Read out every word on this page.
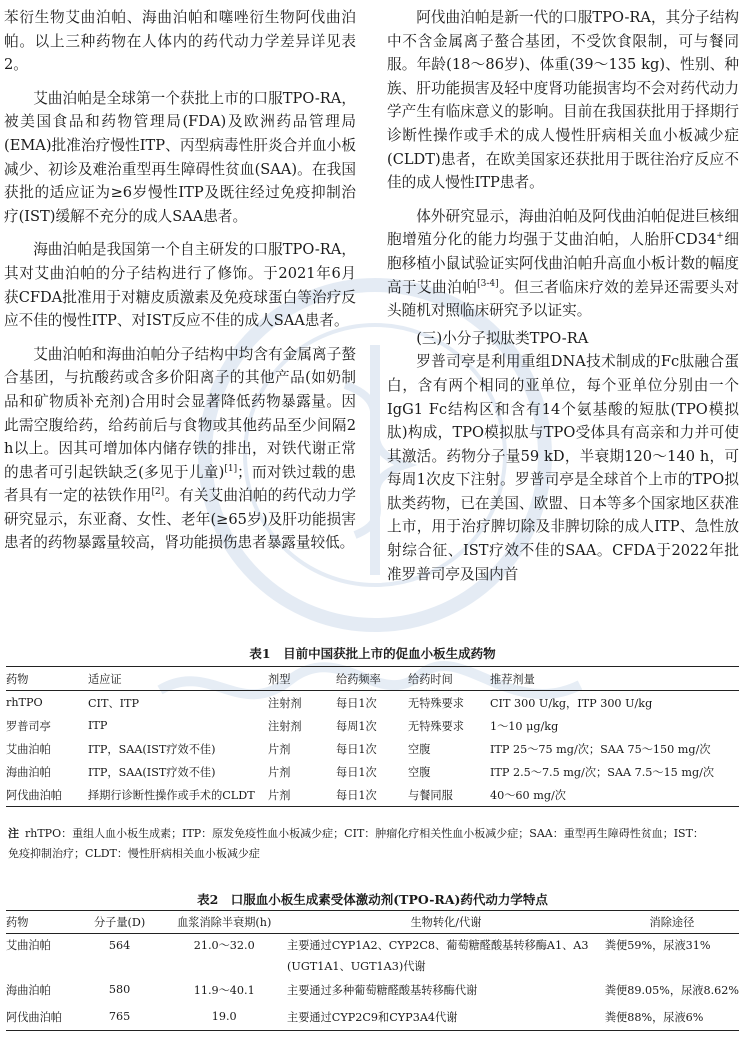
苯衍生物艾曲泊帕、海曲泊帕和噻唑衍生物阿伐曲泊帕。以上三种药物在人体内的药代动力学差异详见表2。

艾曲泊帕是全球第一个获批上市的口服TPO-RA，被美国食品和药物管理局(FDA)及欧洲药品管理局(EMA)批准治疗慢性ITP、丙型病毒性肝炎合并血小板减少、初诊及难治重型再生障碍性贫血(SAA)。在我国获批的适应证为≥6岁慢性ITP及既往经过免疫抑制治疗(IST)缓解不充分的成人SAA患者。

海曲泊帕是我国第一个自主研发的口服TPO-RA，其对艾曲泊帕的分子结构进行了修饰。于2021年6月获CFDA批准用于对糖皮质激素及免疫球蛋白等治疗反应不佳的慢性ITP、对IST反应不佳的成人SAA患者。

艾曲泊帕和海曲泊帕分子结构中均含有金属离子螯合基团，与抗酸药或含多价阳离子的其他产品(如奶制品和矿物质补充剂)合用时会显著降低药物暴露量。因此需空腹给药，给药前后与食物或其他药品至少间隔2 h以上。因其可增加体内储存铁的排出，对铁代谢正常的患者可引起铁缺乏(多见于儿童)[1]；而对铁过载的患者具有一定的祛铁作用[2]。有关艾曲泊帕的药代动力学研究显示，东亚裔、女性、老年(≥65岁)及肝功能损害患者的药物暴露量较高，肾功能损伤患者暴露量较低。

阿伐曲泊帕是新一代的口服TPO-RA，其分子结构中不含金属离子螯合基团，不受饮食限制，可与餐同服。年龄(18～86岁)、体重(39～135 kg)、性别、种族、肝功能损害及轻中度肾功能损害均不会对药代动力学产生有临床意义的影响。目前在我国获批用于择期行诊断性操作或手术的成人慢性肝病相关血小板减少症(CLDT)患者，在欧美国家还获批用于既往治疗反应不佳的成人慢性ITP患者。

体外研究显示，海曲泊帕及阿伐曲泊帕促进巨核细胞增殖分化的能力均强于艾曲泊帕，人胎肝CD34+细胞移植小鼠试验证实阿伐曲泊帕升高血小板计数的幅度高于艾曲泊帕[3-4]。但三者临床疗效的差异还需要头对头随机对照临床研究予以证实。

(三)小分子拟肽类TPO-RA

罗普司亭是利用重组DNA技术制成的Fc肽融合蛋白，含有两个相同的亚单位，每个亚单位分别由一个IgG1 Fc结构区和含有14个氨基酸的短肽(TPO模拟肽)构成，TPO模拟肽与TPO受体具有高亲和力并可使其激活。药物分子量59 kD，半衰期120～140 h，可每周1次皮下注射。罗普司亭是全球首个上市的TPO拟肽类药物，已在美国、欧盟、日本等多个国家地区获准上市，用于治疗脾切除及非脾切除的成人ITP、急性放射综合征、IST疗效不佳的SAA。CFDA于2022年批准罗普司亭及国内首

表1　目前中国获批上市的促血小板生成药物
药物	适应证	剂型	给药频率	给药时间	推荐剂量
rhTPO	CIT、ITP	注射剂	每日1次	无特殊要求	CIT 300 U/kg，ITP 300 U/kg
罗普司亭	ITP	注射剂	每周1次	无特殊要求	1～10 μg/kg
艾曲泊帕	ITP，SAA(IST疗效不佳)	片剂	每日1次	空腹	ITP 25～75 mg/次；SAA 75～150 mg/次
海曲泊帕	ITP，SAA(IST疗效不佳)	片剂	每日1次	空腹	ITP 2.5～7.5 mg/次；SAA 7.5～15 mg/次
阿伐曲泊帕	择期行诊断性操作或手术的CLDT	片剂	每日1次	与餐同服	40～60 mg/次
注 rhTPO：重组人血小板生成素；ITP：原发免疫性血小板减少症；CIT：肿瘤化疗相关性血小板减少症；SAA：重型再生障碍性贫血；IST：
免疫抑制治疗；CLDT：慢性肝病相关血小板减少症
表2　口服血小板生成素受体激动剂(TPO-RA)药代动力学特点
药物	分子量(D)	血浆消除半衰期(h)	生物转化/代谢	消除途径
艾曲泊帕	564	21.0～32.0	主要通过CYP1A2、CYP2C8、葡萄糖醛酸基转移酶A1、A3	粪便59%，尿液31%
			(UGT1A1、UGT1A3)代谢	
海曲泊帕	580	11.9～40.1	主要通过多种葡萄糖醛酸基转移酶代谢	粪便89.05%，尿液8.62%
阿伐曲泊帕	765	19.0	主要通过CYP2C9和CYP3A4代谢	粪便88%，尿液6%
